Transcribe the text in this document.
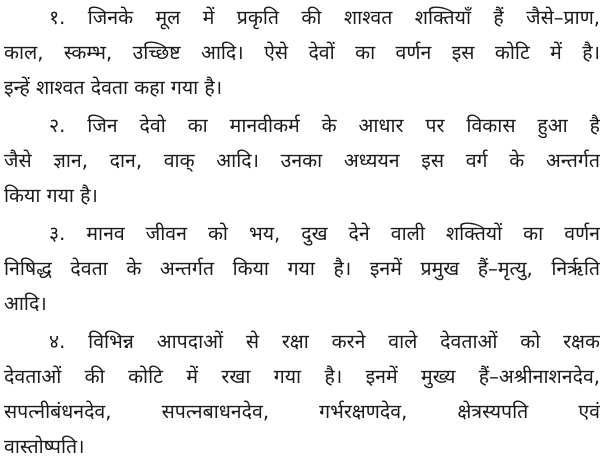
१. जिनके मूल में प्रकृति की शाश्वत शक्तियाँ हैं जैसे–प्राण,
काल, स्कम्भ, उच्छिष्ट आदि। ऐसे देवों का वर्णन इस कोटि में है।
इन्हें शाश्वत देवता कहा गया है।
२. जिन देवो का मानवीकर्म के आधार पर विकास हुआ है
जैसे ज्ञान, दान, वाक् आदि। उनका अध्ययन इस वर्ग के अन्तर्गत
किया गया है।
३. मानव जीवन को भय, दुख देने वाली शक्तियों का वर्णन
निषिद्ध देवता के अन्तर्गत किया गया है। इनमें प्रमुख हैं–मृत्यु, निर्ऋति
आदि।
४. विभिन्न आपदाओं से रक्षा करने वाले देवताओं को रक्षक
देवताओं की कोटि में रखा गया है। इनमें मुख्य हैं–अश्रीनाशनदेव,
सपत्नीबंधनदेव, सपत्नबाधनदेव, गर्भरक्षणदेव, क्षेत्रस्यपति एवं
वास्तोष्पति।
